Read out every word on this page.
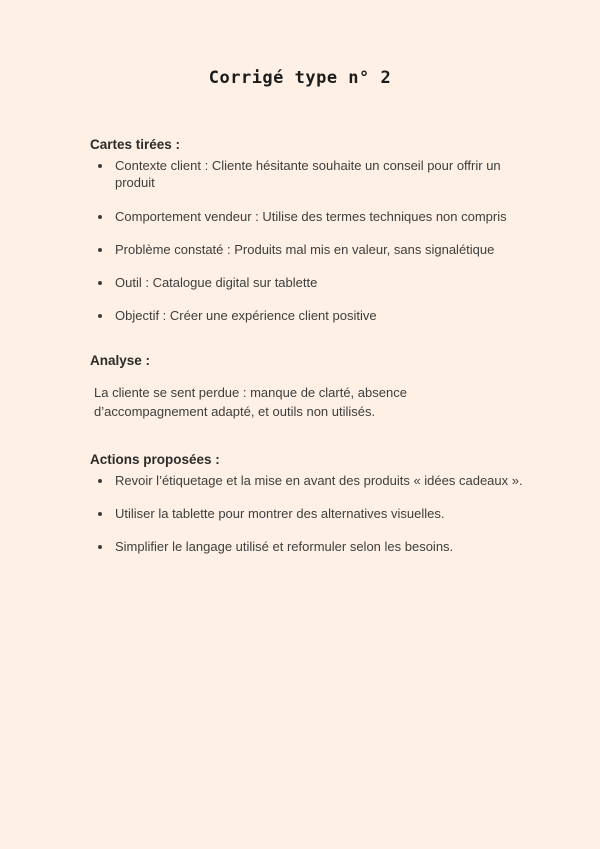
Corrigé type n° 2
Cartes tirées :
• Contexte client : Cliente hésitante souhaite un conseil pour offrir un produit
• Comportement vendeur : Utilise des termes techniques non compris
• Problème constaté : Produits mal mis en valeur, sans signalétique
• Outil : Catalogue digital sur tablette
• Objectif : Créer une expérience client positive
Analyse :

La cliente se sent perdue : manque de clarté, absence d’accompagnement adapté, et outils non utilisés.

Actions proposées :
• Revoir l’étiquetage et la mise en avant des produits « idées cadeaux ».
• Utiliser la tablette pour montrer des alternatives visuelles.
• Simplifier le langage utilisé et reformuler selon les besoins.
